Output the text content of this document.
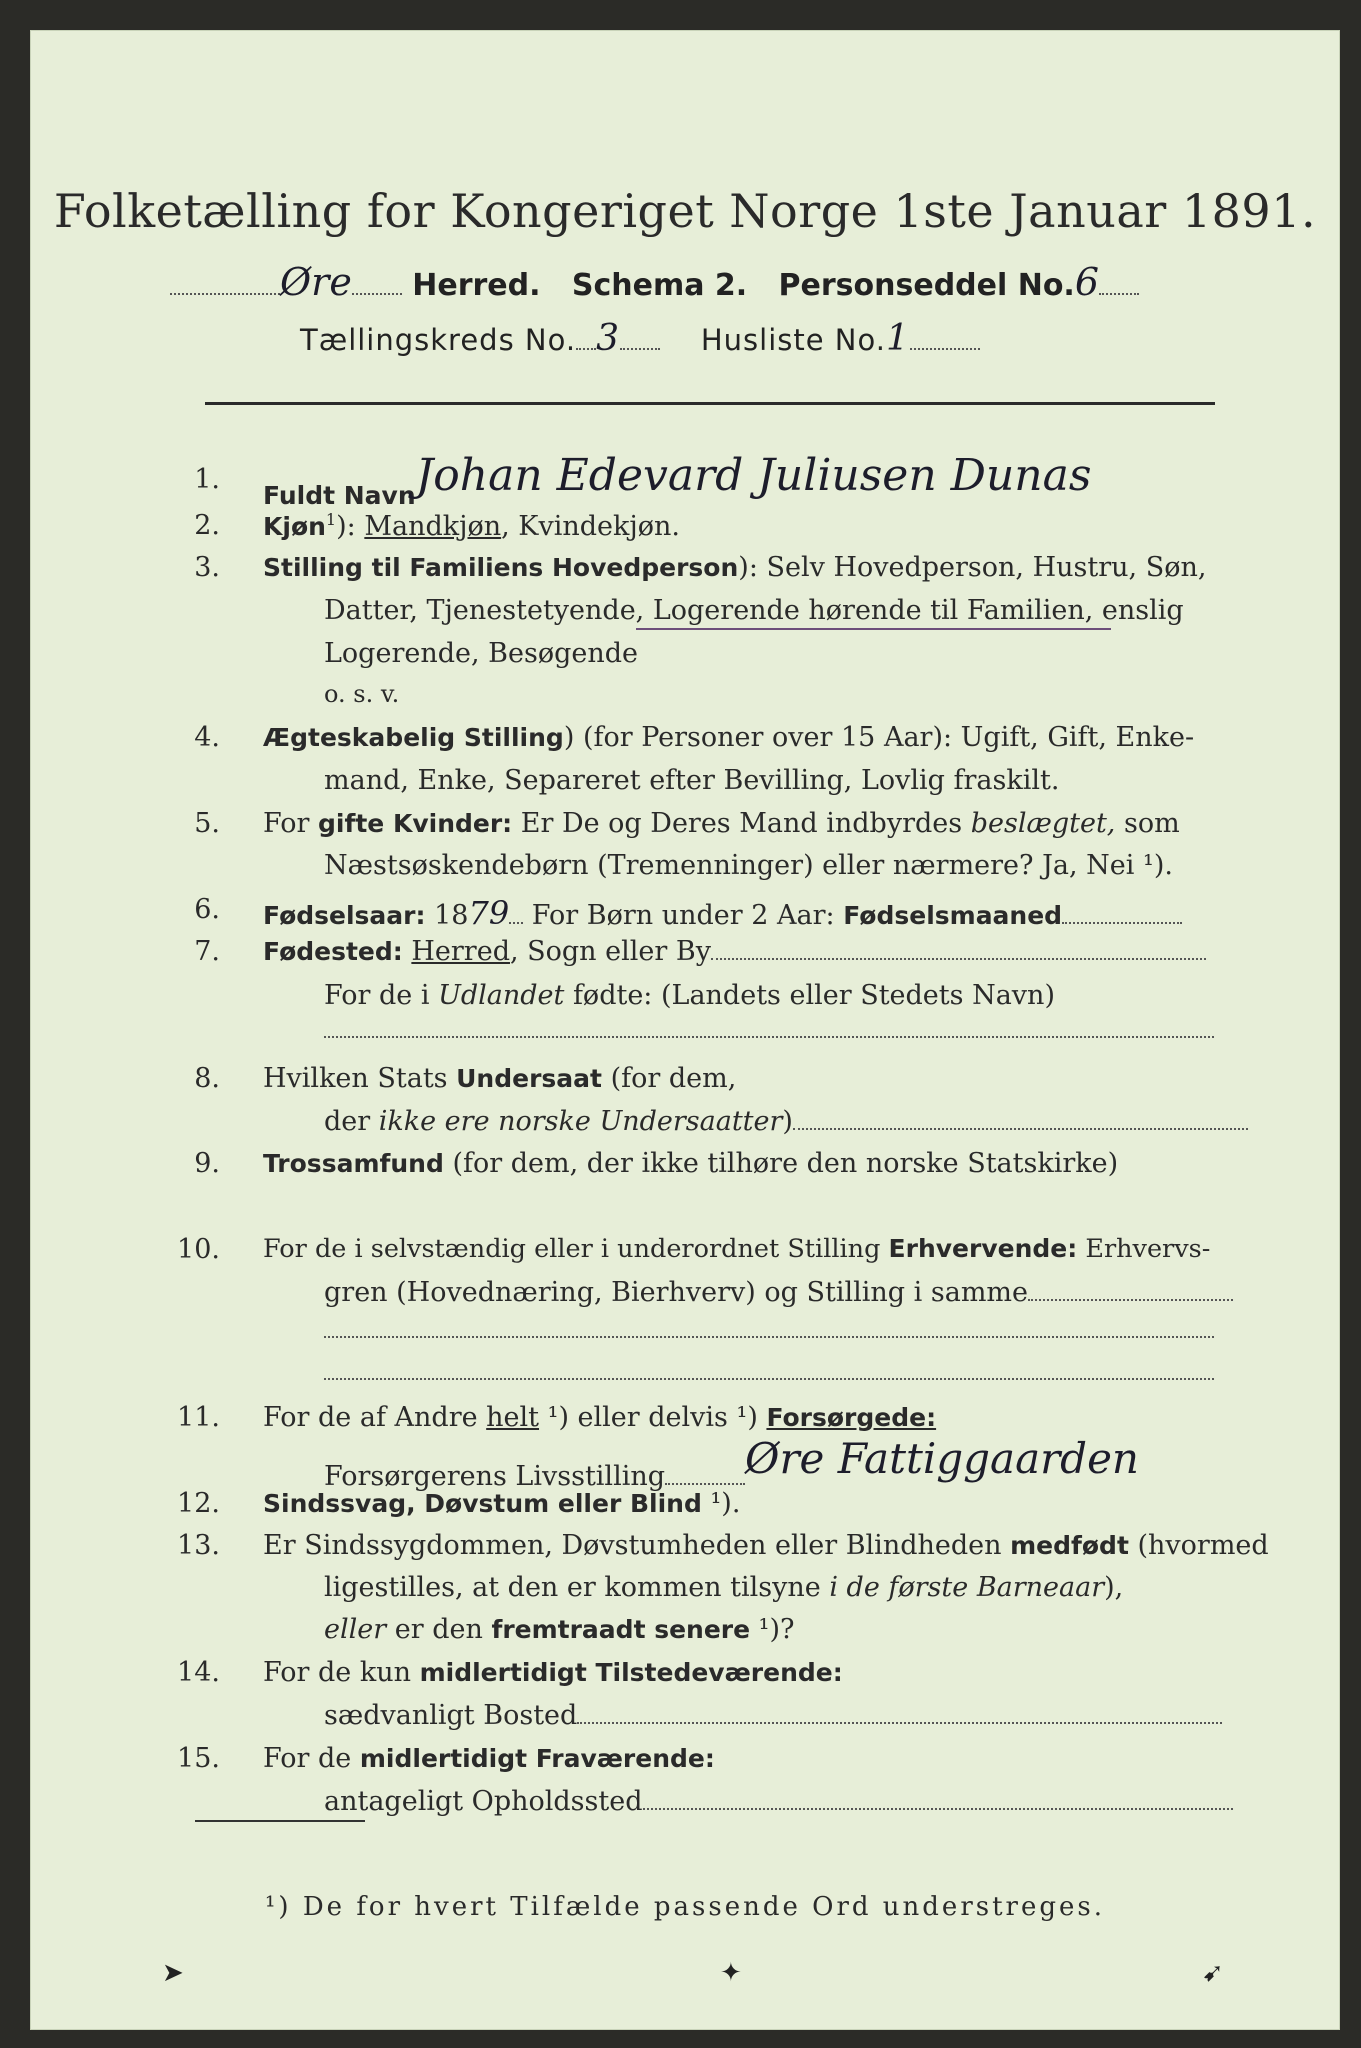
Folketælling for Kongeriget Norge 1ste Januar 1891.
Øre Herred. Schema 2. Personseddel No.6
Tællingskreds No. 3	Husliste No.1
1.
Fuldt NavnJohan Edevard Juliusen Dunas
2. Kjøn$^1$): Mandkjøn, Kvindekjøn.
3. Stilling til Familiens Hovedperson): Selv Hovedperson, Hustru, Søn,
Datter, Tjenestetyende, Logerende hørende til Familien, enslig
Logerende, Besøgende
o. s. v.
4. Ægteskabelig Stilling) (for Personer over 15 Aar): Ugift, Gift, Enke-
mand, Enke, Separeret efter Bevilling, Lovlig fraskilt.
5. For gifte Kvinder: Er De og Deres Mand indbyrdes beslægtet, som
Næstsøskendebørn (Tremenninger) eller nærmere? Ja, Nei ¹).
6. Fødselsaar: 1879 For Børn under 2 Aar: Fødselsmaaned
7. Fødested: Herred, Sogn eller By
For de i Udlandet fødte: (Landets eller Stedets Navn)
8. Hvilken Stats Undersaat (for dem,
der ikke ere norske Undersaatter)
9. Trossamfund (for dem, der ikke tilhøre den norske Statskirke)
10. For de i selvstændig eller i underordnet Stilling Erhvervende: Erhvervs-
gren (Hovednæring, Bierhverv) og Stilling i samme
11. For de af Andre helt ¹) eller delvis ¹) Forsørgede:
Forsørgerens Livsstilling Øre Fattiggaarden
12. Sindssvag, Døvstum eller Blind ¹).
13. Er Sindssygdommen, Døvstumheden eller Blindheden medfødt (hvormed
ligestilles, at den er kommen tilsyne i de første Barneaar),
eller er den fremtraadt senere ¹)?
14. For de kun midlertidigt Tilstedeværende:
sædvanligt Bosted
15. For de midlertidigt Fraværende:
antageligt Opholdssted
¹) De for hvert Tilfælde passende Ord understreges.
➤	✦	➹
